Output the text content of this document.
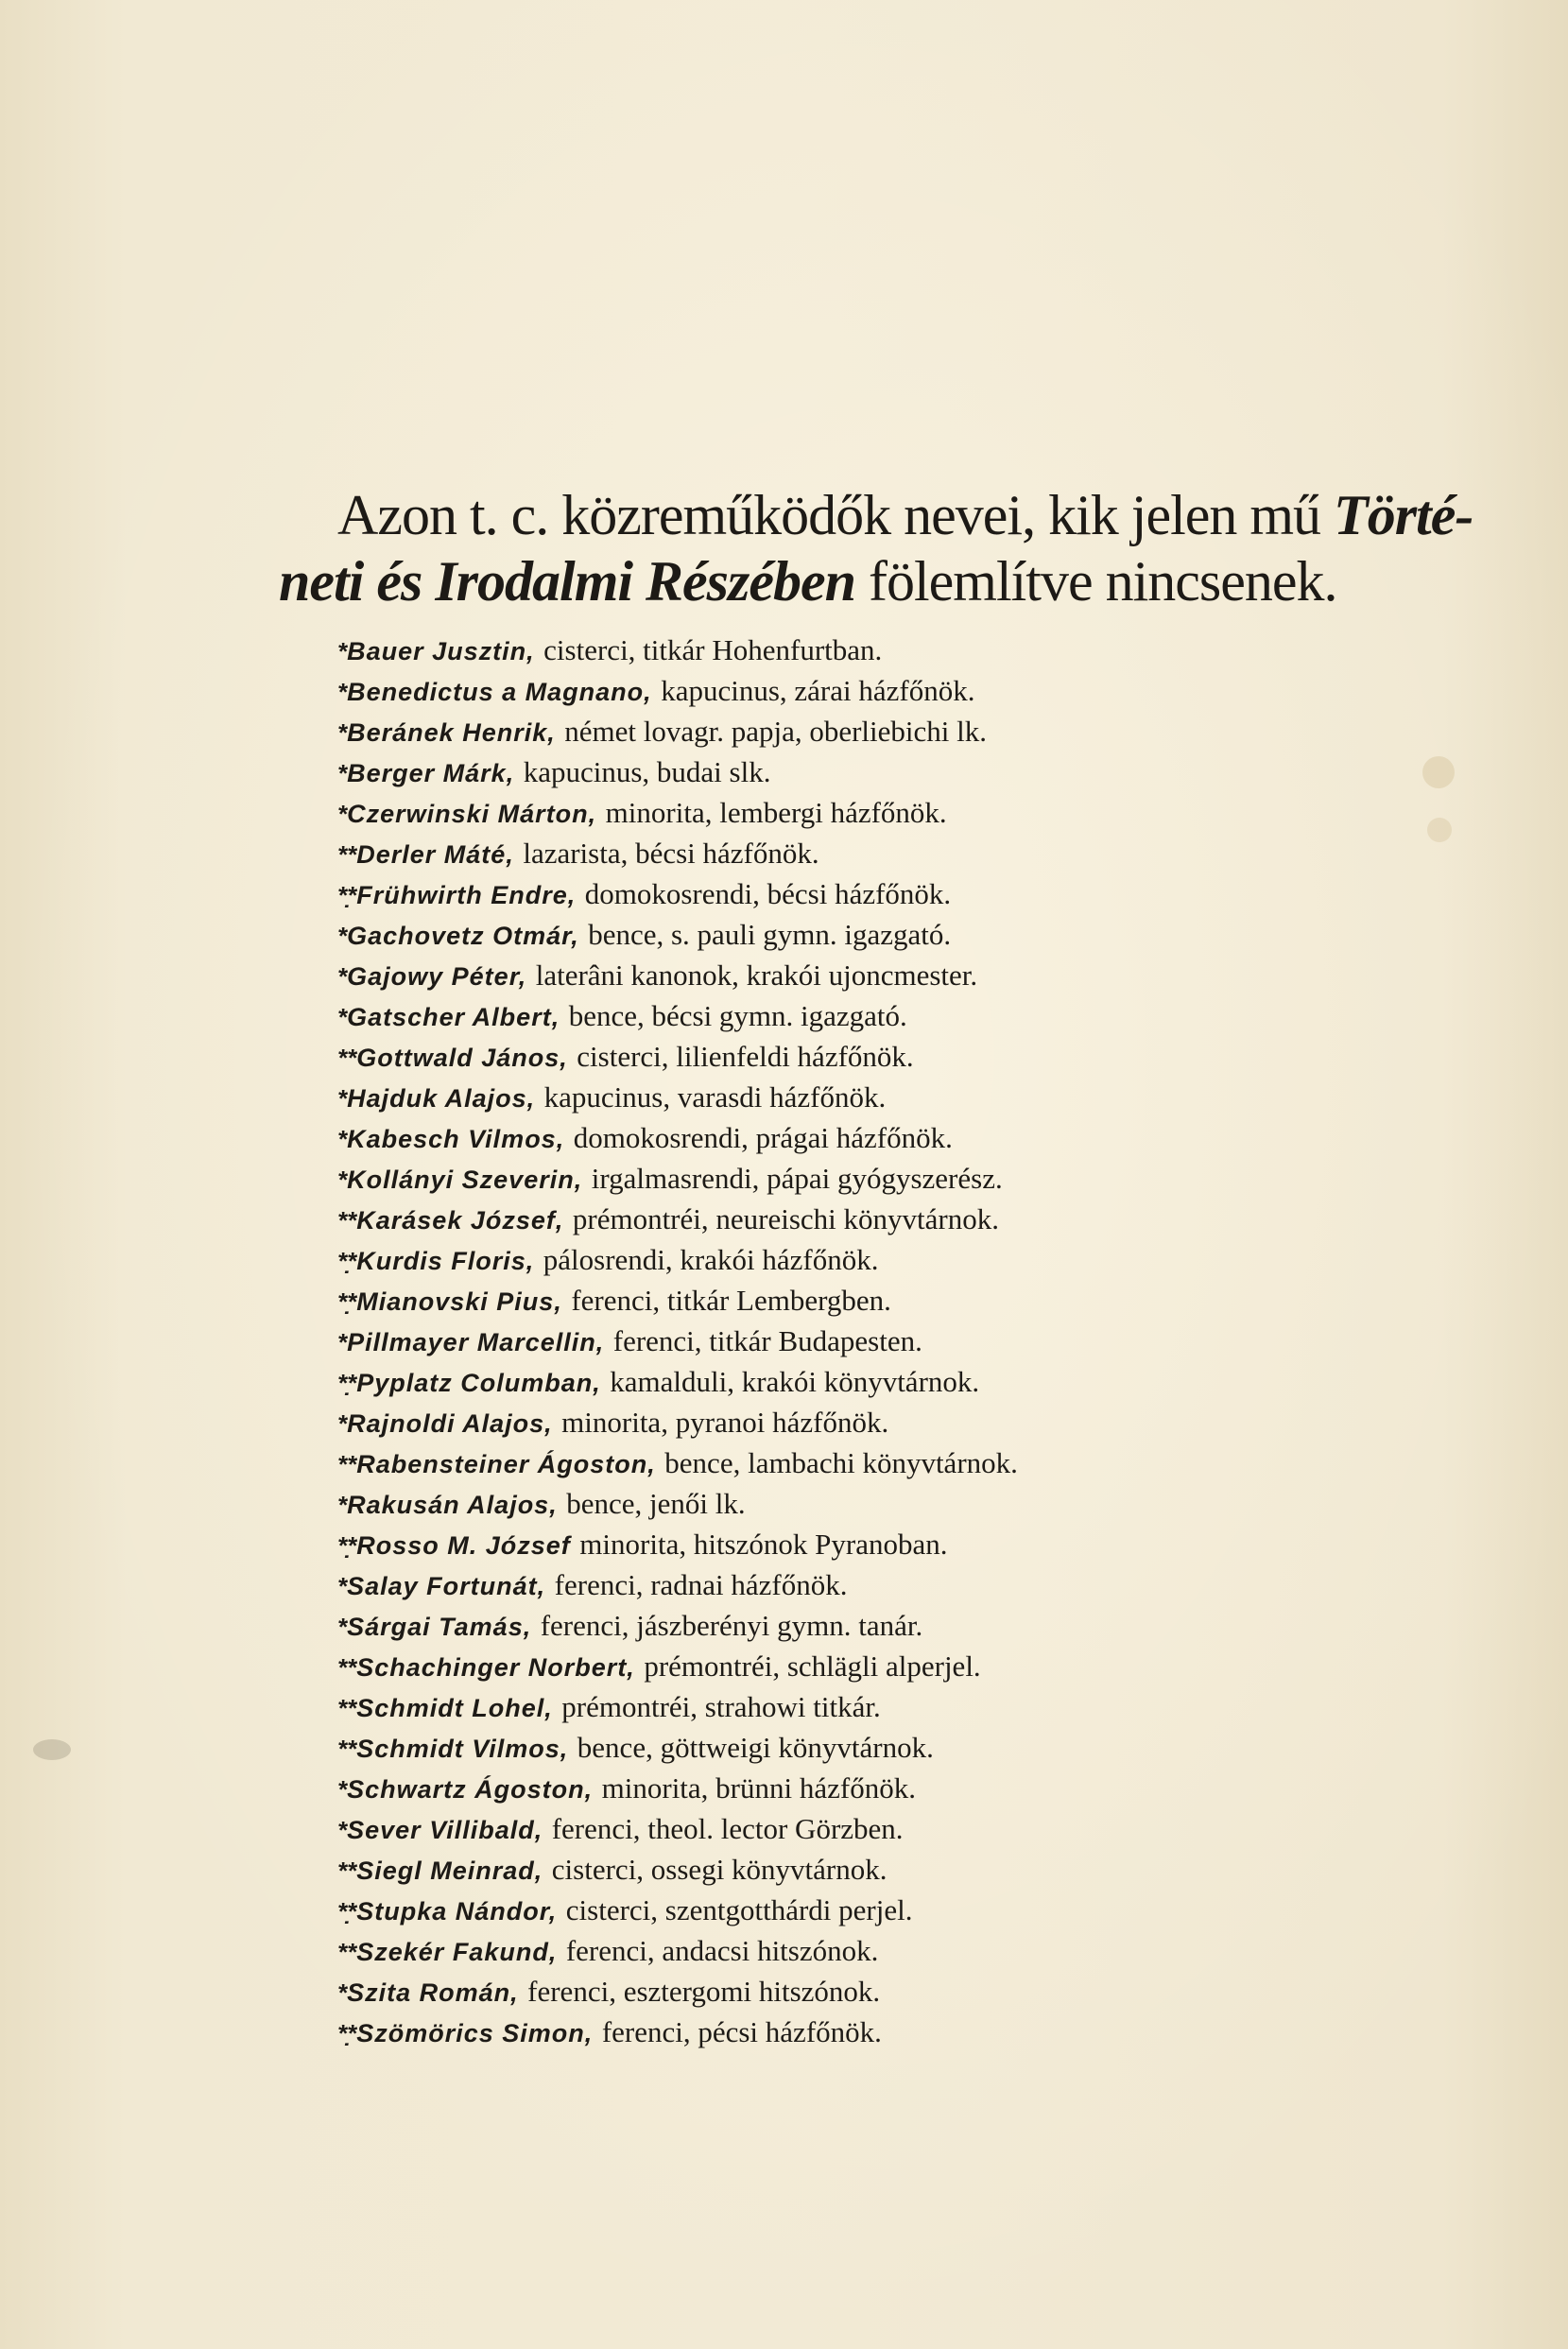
Azon t. c. közreműködők nevei, kik jelen mű Törté-
neti és Irodalmi Részében fölemlítve nincsenek.
*Bauer Jusztin, cisterci, titkár Hohenfurtban.
*Benedictus a Magnano, kapucinus, zárai házfőnök.
*Beránek Henrik, német lovagr. papja, oberliebichi lk.
*Berger Márk, kapucinus, budai slk.
*Czerwinski Márton, minorita, lembergi házfőnök.
**Derler Máté, lazarista, bécsi házfőnök.
*̣*Frühwirth Endre, domokosrendi, bécsi házfőnök.
*Gachovetz Otmár, bence, s. pauli gymn. igazgató.
*Gajowy Péter, laterâni kanonok, krakói ujoncmester.
*Gatscher Albert, bence, bécsi gymn. igazgató.
**Gottwald János, cisterci, lilienfeldi házfőnök.
*Hajduk Alajos, kapucinus, varasdi házfőnök.
*Kabesch Vilmos, domokosrendi, prágai házfőnök.
*Kollányi Szeverin, irgalmasrendi, pápai gyógyszerész.
**Karásek József, prémontréi, neureischi könyvtárnok.
*̣*Kurdis Floris, pálosrendi, krakói házfőnök.
*̣*Mianovski Pius, ferenci, titkár Lembergben.
*Pillmayer Marcellin, ferenci, titkár Budapesten.
*̣*Pyplatz Columban, kamalduli, krakói könyvtárnok.
*Rajnoldi Alajos, minorita, pyranoi házfőnök.
**Rabensteiner Ágoston, bence, lambachi könyvtárnok.
*Rakusán Alajos, bence, jenői lk.
*̣*Rosso M. József minorita, hitszónok Pyranoban.
*Salay Fortunát, ferenci, radnai házfőnök.
*Sárgai Tamás, ferenci, jászberényi gymn. tanár.
**Schachinger Norbert, prémontréi, schlägli alperjel.
**Schmidt Lohel, prémontréi, strahowi titkár.
**Schmidt Vilmos, bence, göttweigi könyvtárnok.
*Schwartz Ágoston, minorita, brünni házfőnök.
*Sever Villibald, ferenci, theol. lector Görzben.
**Siegl Meinrad, cisterci, ossegi könyvtárnok.
*̣*Stupka Nándor, cisterci, szentgotthárdi perjel.
**Szekér Fakund, ferenci, andacsi hitszónok.
*Szita Román, ferenci, esztergomi hitszónok.
*̣*Szömörics Simon, ferenci, pécsi házfőnök.
